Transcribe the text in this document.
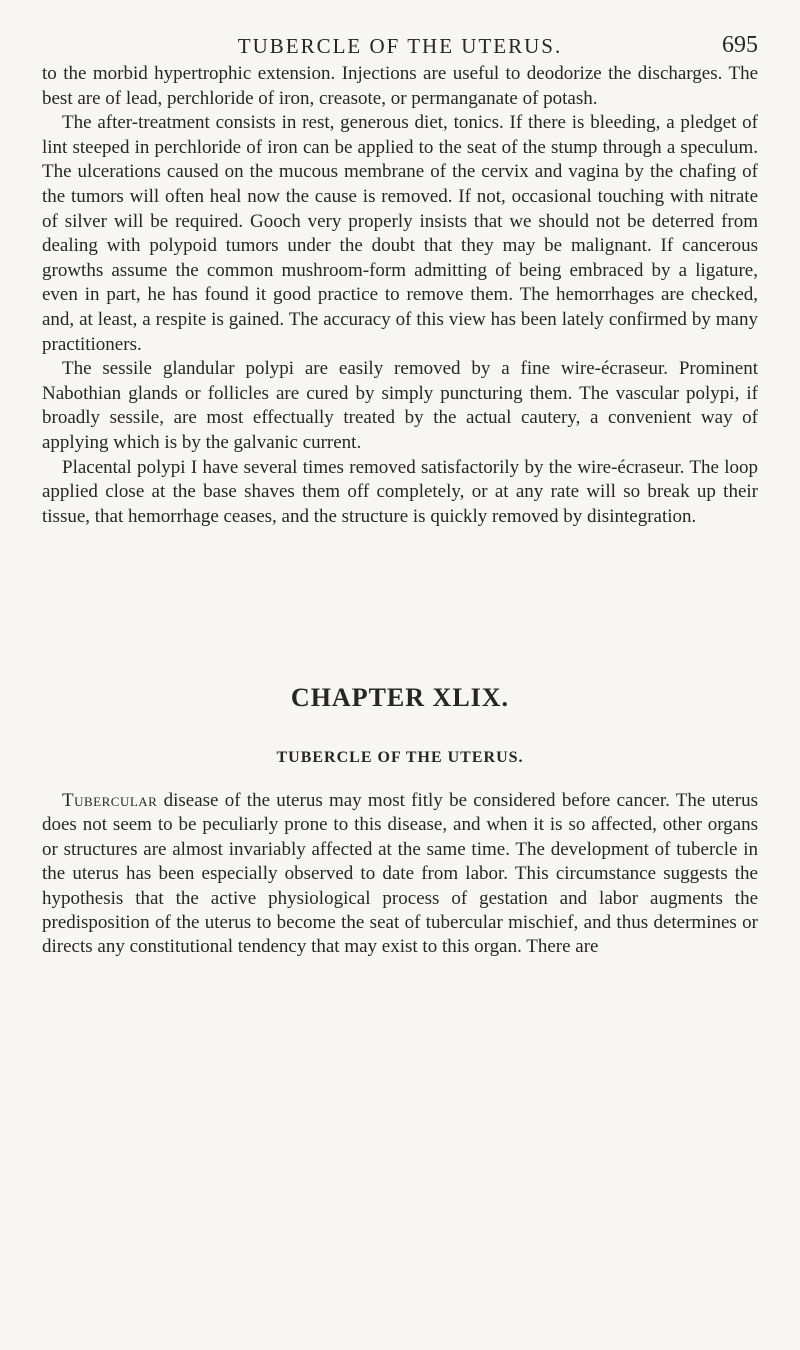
TUBERCLE OF THE UTERUS.	695

to the morbid hypertrophic extension. Injections are useful to deodorize the discharges. The best are of lead, perchloride of iron, creasote, or permanganate of potash.

The after-treatment consists in rest, generous diet, tonics. If there is bleeding, a pledget of lint steeped in perchloride of iron can be applied to the seat of the stump through a speculum. The ulcerations caused on the mucous membrane of the cervix and vagina by the chafing of the tumors will often heal now the cause is removed. If not, occasional touching with nitrate of silver will be required. Gooch very properly insists that we should not be deterred from dealing with polypoid tumors under the doubt that they may be malignant. If cancerous growths assume the common mushroom-form admitting of being embraced by a ligature, even in part, he has found it good practice to remove them. The hemorrhages are checked, and, at least, a respite is gained. The accuracy of this view has been lately confirmed by many practitioners.

The sessile glandular polypi are easily removed by a fine wire-écraseur. Prominent Nabothian glands or follicles are cured by simply puncturing them. The vascular polypi, if broadly sessile, are most effectually treated by the actual cautery, a convenient way of applying which is by the galvanic current.

Placental polypi I have several times removed satisfactorily by the wire-écraseur. The loop applied close at the base shaves them off completely, or at any rate will so break up their tissue, that hemorrhage ceases, and the structure is quickly removed by disintegration.

CHAPTER XLIX.
TUBERCLE OF THE UTERUS.

Tubercular disease of the uterus may most fitly be considered before cancer. The uterus does not seem to be peculiarly prone to this disease, and when it is so affected, other organs or structures are almost invariably affected at the same time. The development of tubercle in the uterus has been especially observed to date from labor. This circumstance suggests the hypothesis that the active physiological process of gestation and labor augments the predisposition of the uterus to become the seat of tubercular mischief, and thus determines or directs any constitutional tendency that may exist to this organ. There are
